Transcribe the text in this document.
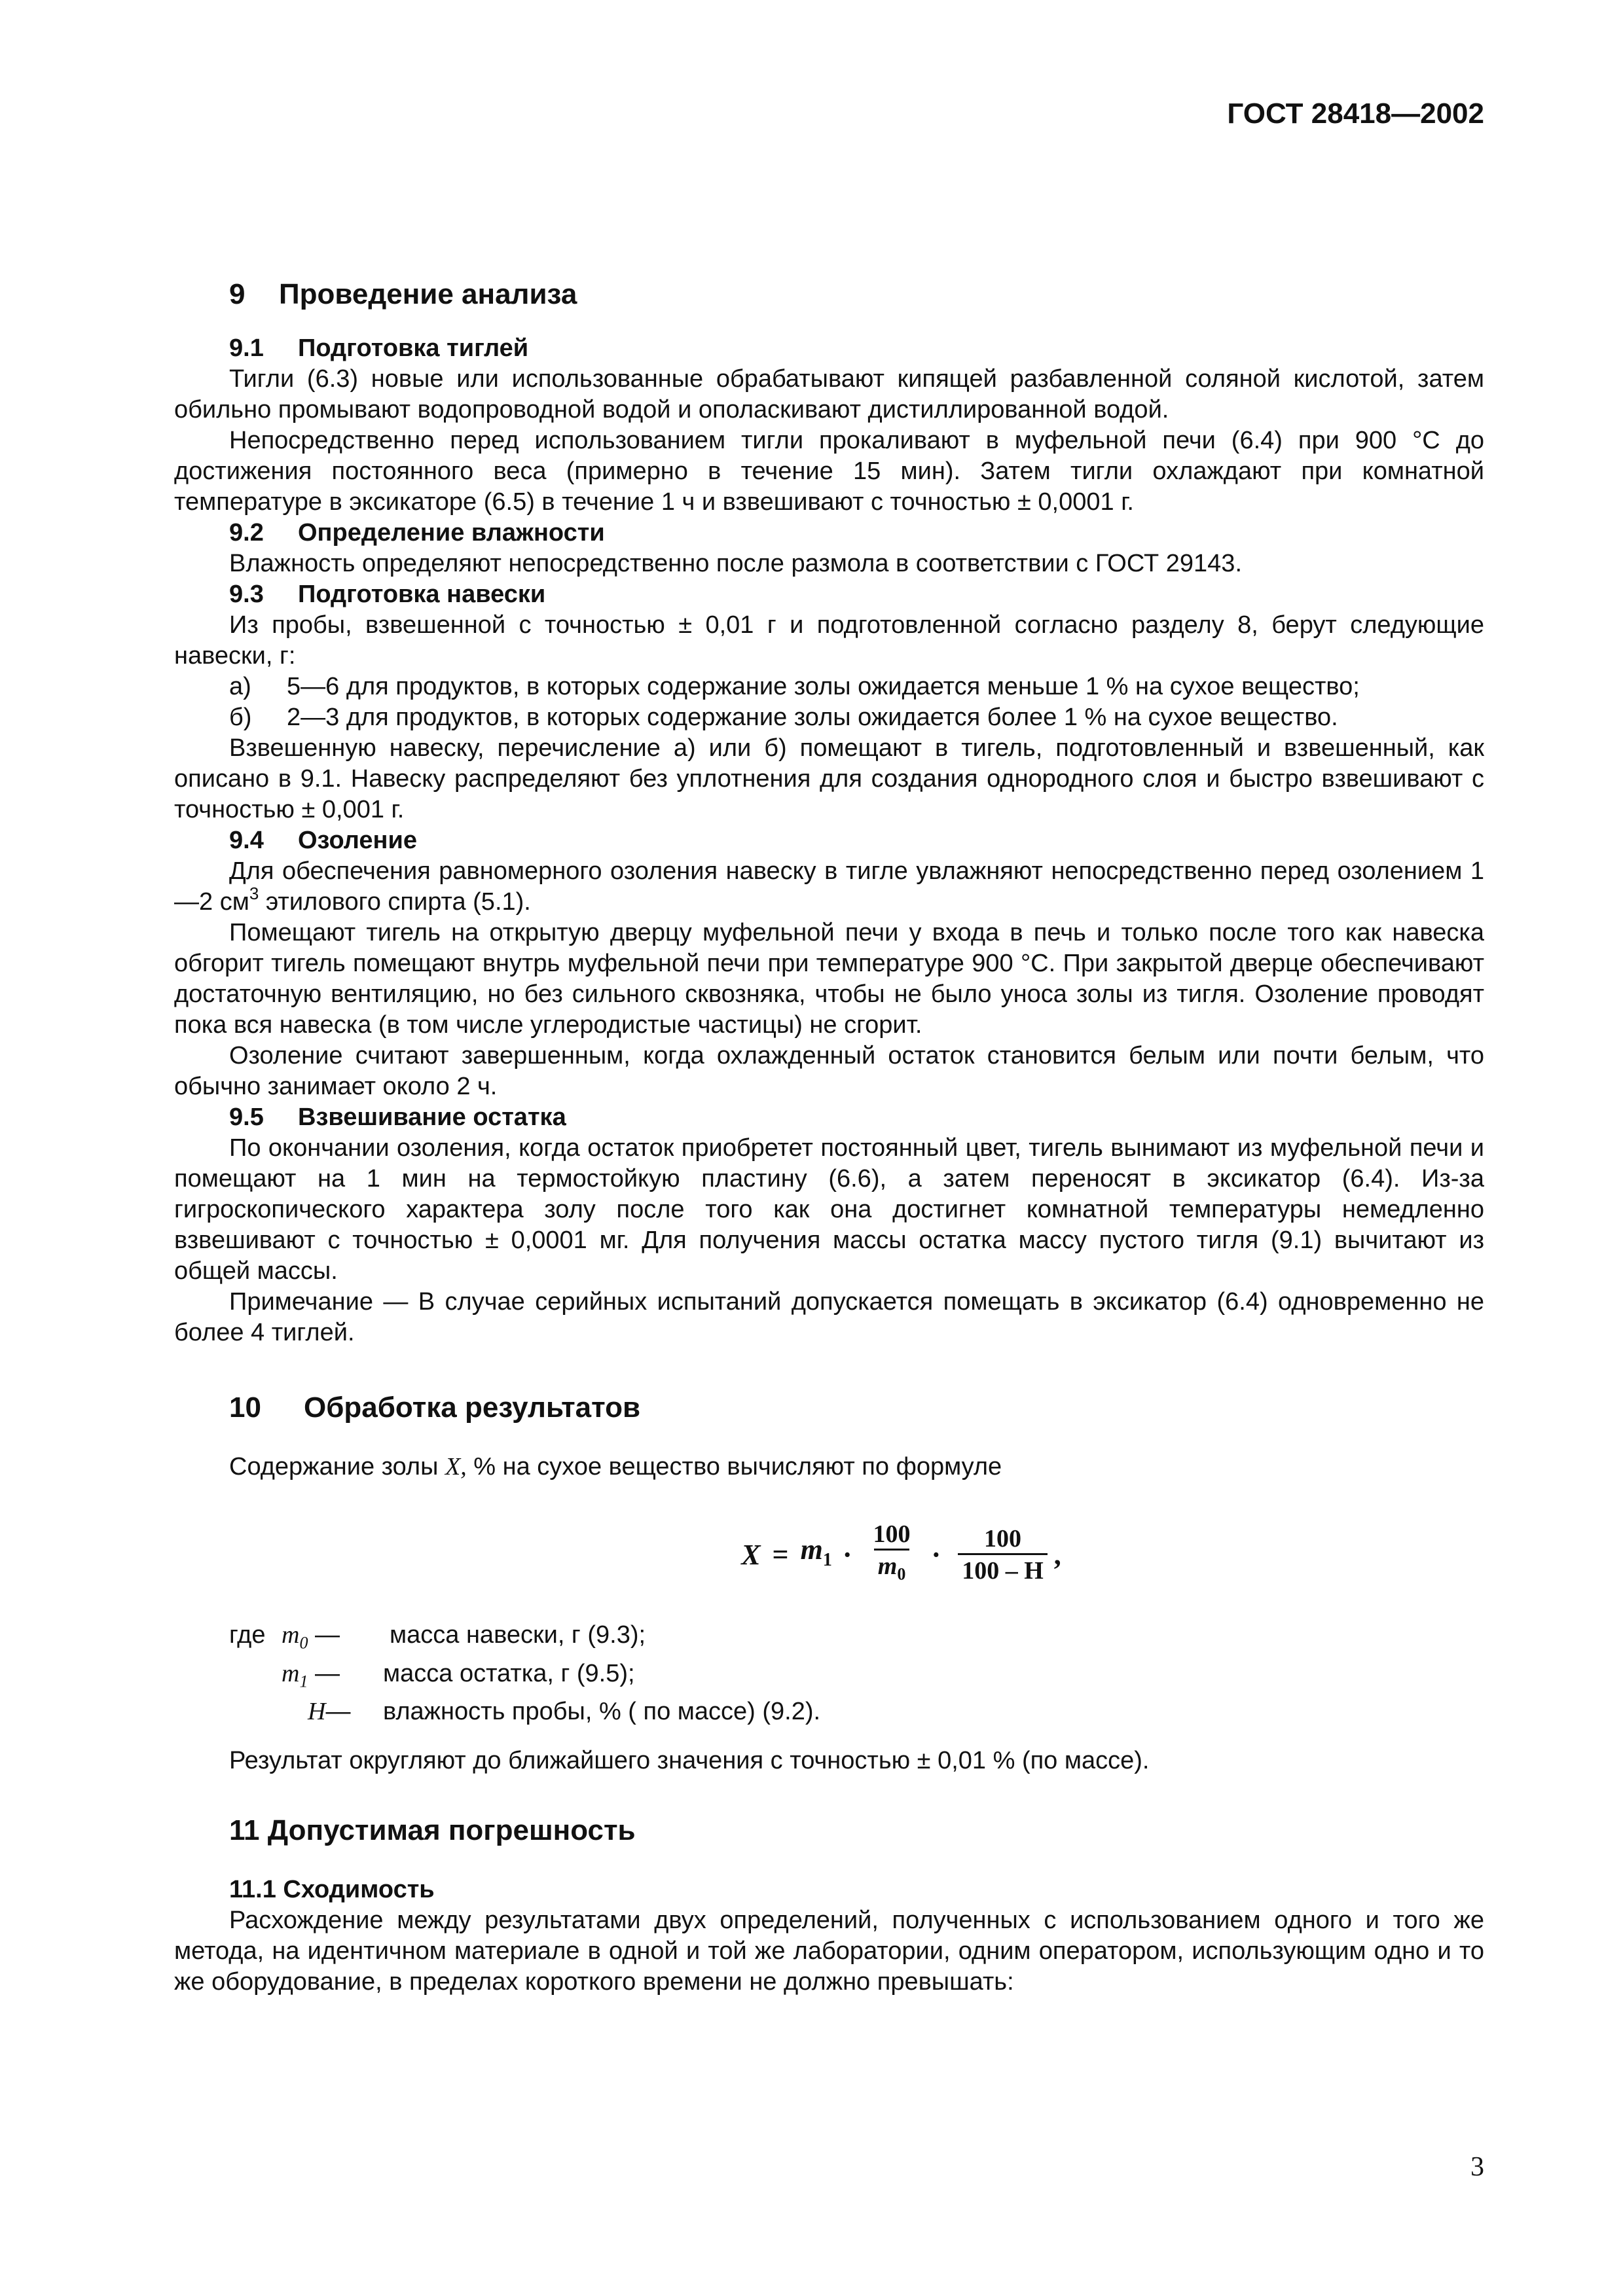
ГОСТ 28418—2002
9 Проведение анализа
9.1 Подготовка тиглей

Тигли (6.3) новые или использованные обрабатывают кипящей разбавленной соляной кислотой, затем обильно промывают водопроводной водой и ополаскивают дистиллированной водой.

Непосредственно перед использованием тигли прокаливают в муфельной печи (6.4) при 900 °С до достижения постоянного веса (примерно в течение 15 мин). Затем тигли охлаждают при комнатной температуре в эксикаторе (6.5) в течение 1 ч и взвешивают с точностью ± 0,0001 г.

9.2 Определение влажности

Влажность определяют непосредственно после размола в соответствии с ГОСТ 29143.

9.3 Подготовка навески

Из пробы, взвешенной с точностью ± 0,01 г и подготовленной согласно разделу 8, берут следующие навески, г:

а) 5—6 для продуктов, в которых содержание золы ожидается меньше 1 % на сухое вещество;
б) 2—3 для продуктов, в которых содержание золы ожидается более 1 % на сухое вещество.

Взвешенную навеску, перечисление а) или б) помещают в тигель, подготовленный и взвешенный, как описано в 9.1. Навеску распределяют без уплотнения для создания однородного слоя и быстро взвешивают с точностью ± 0,001 г.

9.4 Озоление

Для обеспечения равномерного озоления навеску в тигле увлажняют непосредственно перед озолением 1—2 $см^3$ этилового спирта (5.1).

Помещают тигель на открытую дверцу муфельной печи у входа в печь и только после того как навеска обгорит тигель помещают внутрь муфельной печи при температуре 900 °С. При закрытой дверце обеспечивают достаточную вентиляцию, но без сильного сквозняка, чтобы не было уноса золы из тигля. Озоление проводят пока вся навеска (в том числе углеродистые частицы) не сгорит.

Озоление считают завершенным, когда охлажденный остаток становится белым или почти белым, что обычно занимает около 2 ч.

9.5 Взвешивание остатка

По окончании озоления, когда остаток приобретет постоянный цвет, тигель вынимают из муфельной печи и помещают на 1 мин на термостойкую пластину (6.6), а затем переносят в эксикатор (6.4). Из-за гигроскопического характера золу после того как она достигнет комнатной температуры немедленно взвешивают с точностью ± 0,0001 мг. Для получения массы остатка массу пустого тигля (9.1) вычитают из общей массы.

Примечание — В случае серийных испытаний допускается помещать в эксикатор (6.4) одновременно не более 4 тиглей.

10 Обработка результатов

Содержание золы X, % на сухое вещество вычисляют по формуле

$X = m_1 \cdot \frac{100}{m_0} \cdot \frac{100}{100 - H}$ ,
где $m_0$ —	масса навески, г (9.3);
$m_1$ —	масса остатка, г (9.5);
H—	влажность пробы, % ( по массе) (9.2).

Результат округляют до ближайшего значения с точностью ± 0,01 % (по массе).

11 Допустимая погрешность
11.1 Сходимость

Расхождение между результатами двух определений, полученных с использованием одного и того же метода, на идентичном материале в одной и той же лаборатории, одним оператором, использующим одно и то же оборудование, в пределах короткого времени не должно превышать:

3
